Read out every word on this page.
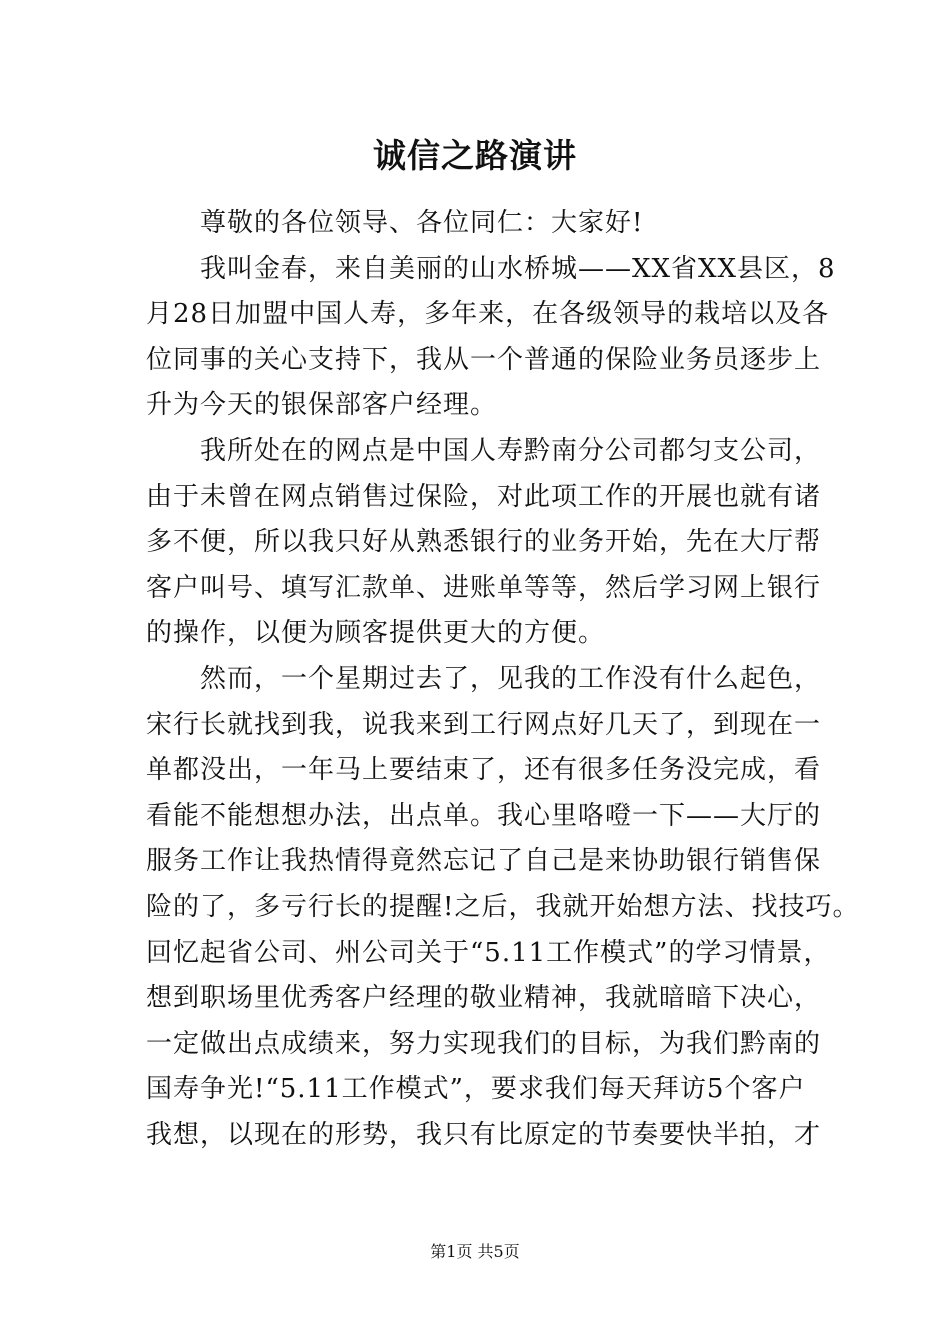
诚信之路演讲
尊敬的各位领导、各位同仁：大家好!
我叫金春，来自美丽的山水桥城——XX省XX县区，8
月28日加盟中国人寿，多年来，在各级领导的栽培以及各
位同事的关心支持下，我从一个普通的保险业务员逐步上
升为今天的银保部客户经理。
我所处在的网点是中国人寿黔南分公司都匀支公司，
由于未曾在网点销售过保险，对此项工作的开展也就有诸
多不便，所以我只好从熟悉银行的业务开始，先在大厅帮
客户叫号、填写汇款单、进账单等等，然后学习网上银行
的操作，以便为顾客提供更大的方便。
然而，一个星期过去了，见我的工作没有什么起色，
宋行长就找到我，说我来到工行网点好几天了，到现在一
单都没出，一年马上要结束了，还有很多任务没完成，看
看能不能想想办法，出点单。我心里咯噔一下——大厅的
服务工作让我热情得竟然忘记了自己是来协助银行销售保
险的了，多亏行长的提醒!之后，我就开始想方法、找技巧。
回忆起省公司、州公司关于“5.11工作模式”的学习情景，
想到职场里优秀客户经理的敬业精神，我就暗暗下决心，
一定做出点成绩来，努力实现我们的目标，为我们黔南的
国寿争光!“5.11工作模式”，要求我们每天拜访5个客户
我想，以现在的形势，我只有比原定的节奏要快半拍，才
第1页 共5页
